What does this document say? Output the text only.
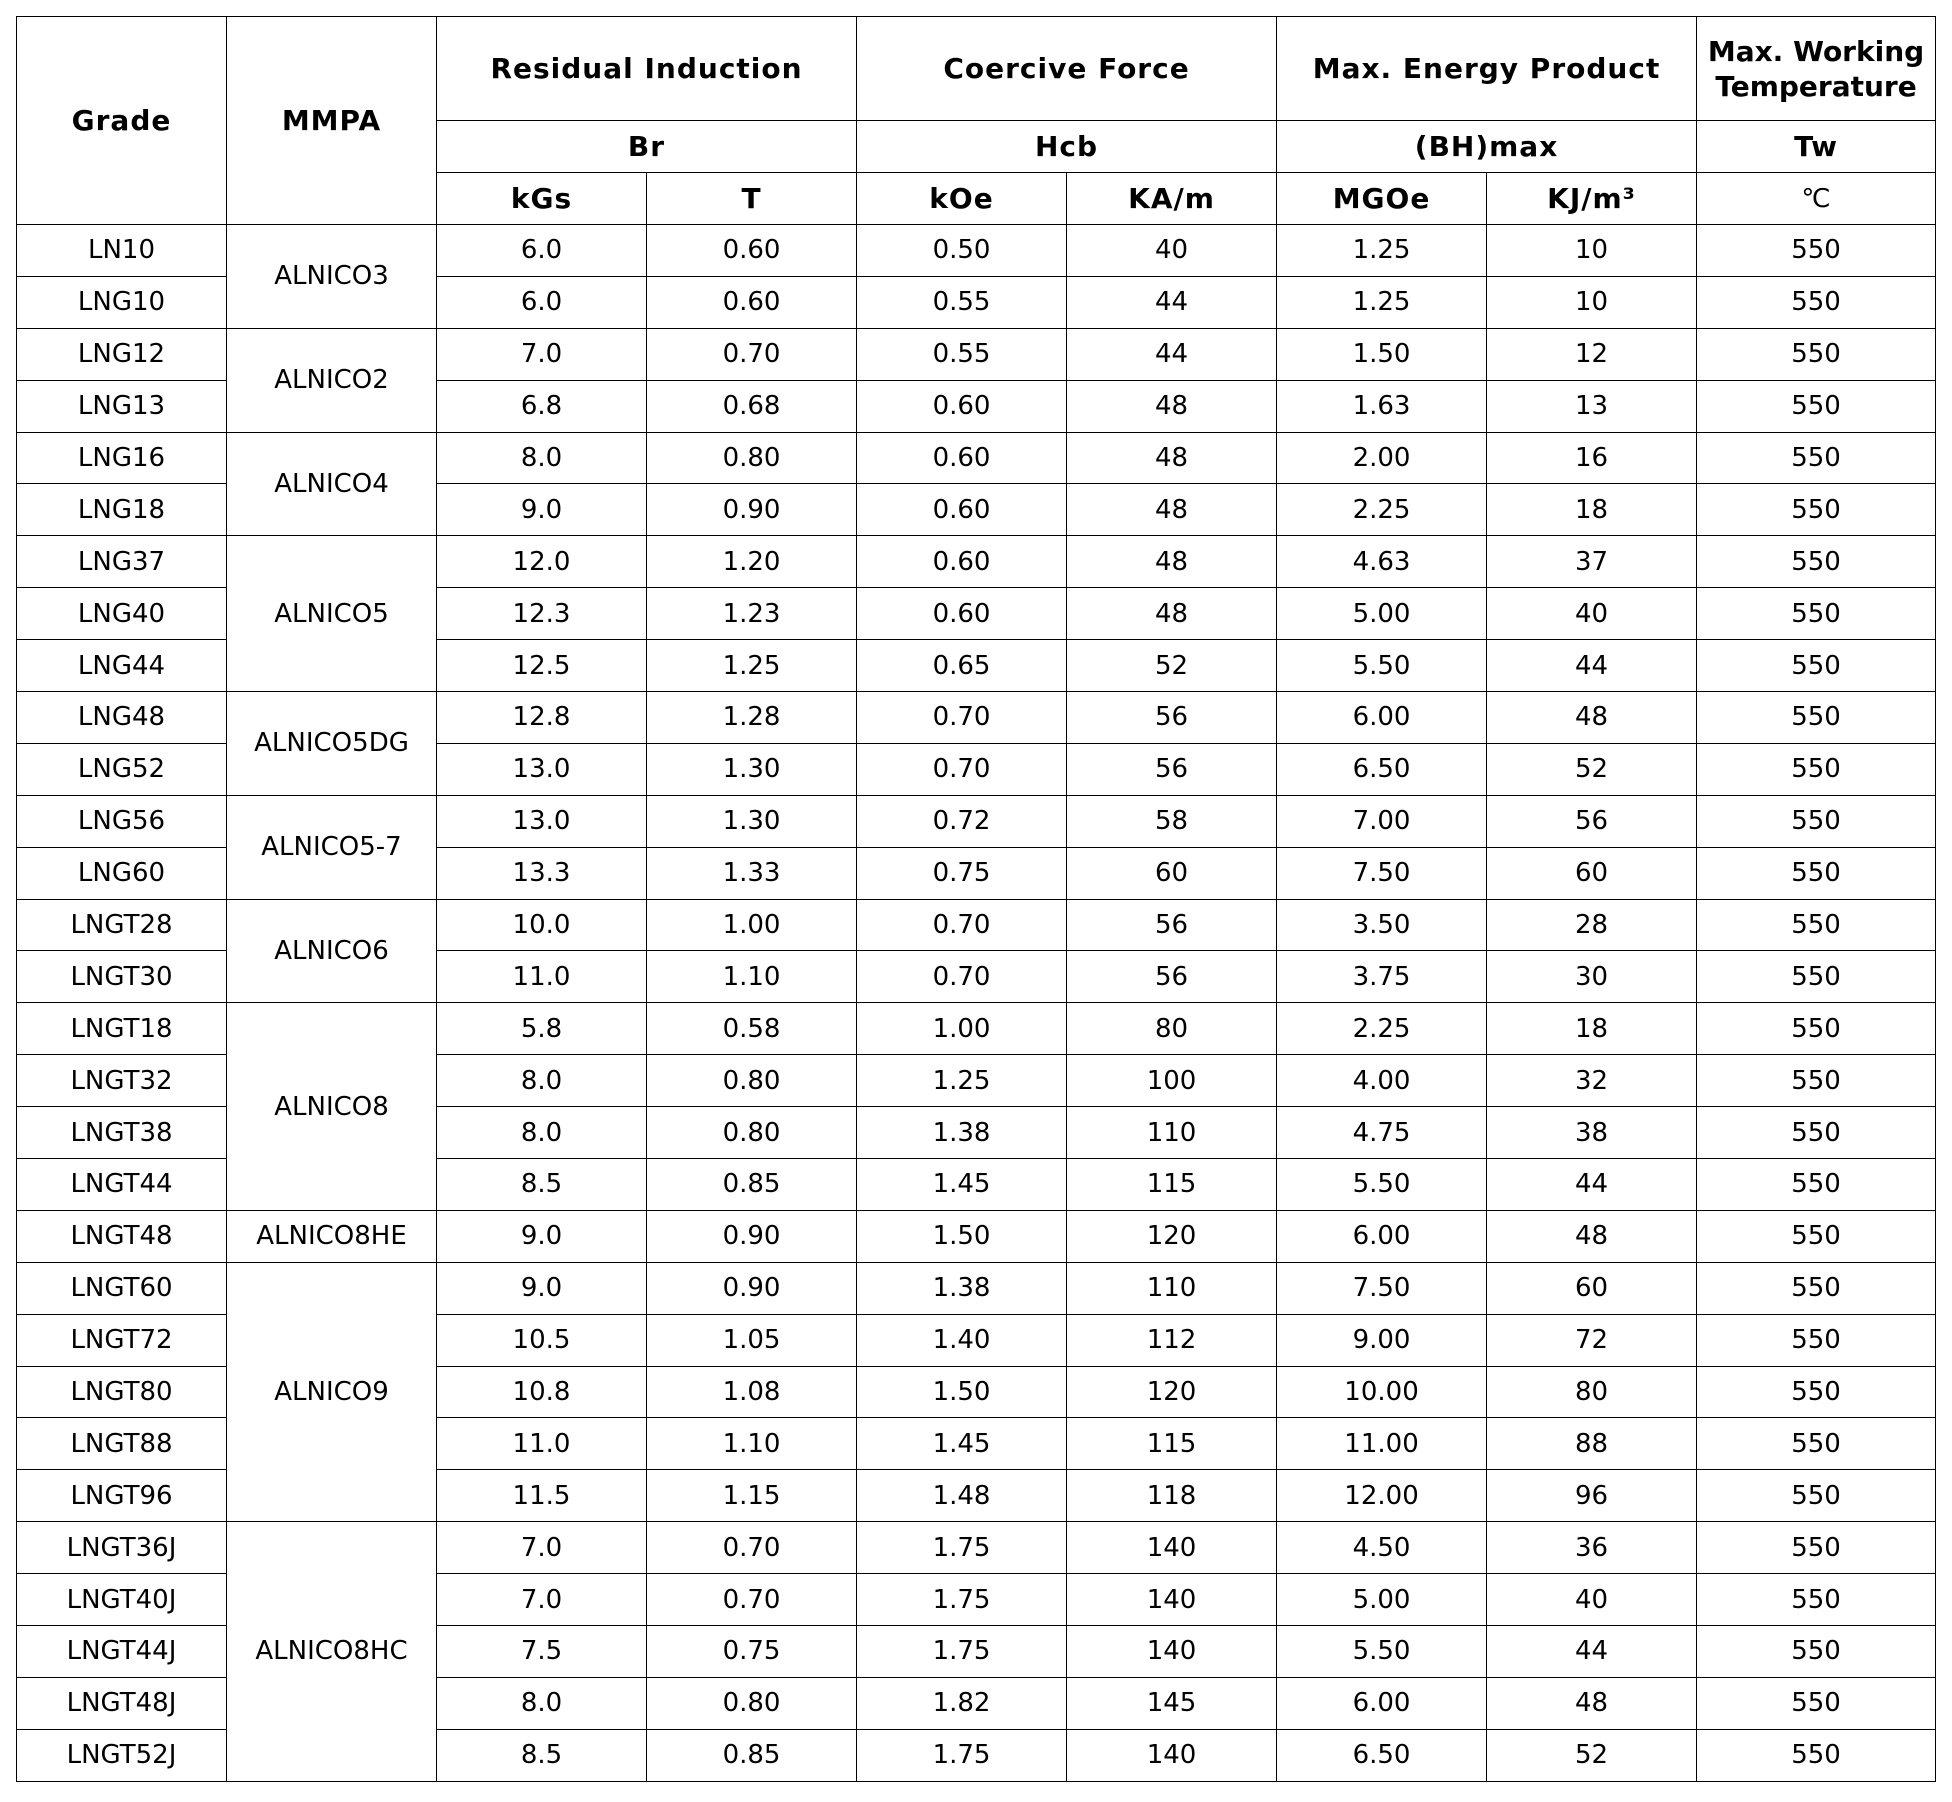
Grade	MMPA	Residual Induction		Coercive Force		Max. Energy Product		Max. Working
Temperature

		Br		Hcb		(BH)max		Tw
		kGs	T	kOe	KA/m	MGOe	KJ/m³	℃
LN10	ALNICO3	6.0	0.60	0.50	40	1.25	10	550
LNG10		6.0	0.60	0.55	44	1.25	10	550
LNG12	ALNICO2	7.0	0.70	0.55	44	1.50	12	550
LNG13		6.8	0.68	0.60	48	1.63	13	550
LNG16	ALNICO4	8.0	0.80	0.60	48	2.00	16	550
LNG18		9.0	0.90	0.60	48	2.25	18	550
LNG37	ALNICO5	12.0	1.20	0.60	48	4.63	37	550
LNG40		12.3	1.23	0.60	48	5.00	40	550
LNG44		12.5	1.25	0.65	52	5.50	44	550
LNG48	ALNICO5DG	12.8	1.28	0.70	56	6.00	48	550
LNG52		13.0	1.30	0.70	56	6.50	52	550
LNG56	ALNICO5-7	13.0	1.30	0.72	58	7.00	56	550
LNG60		13.3	1.33	0.75	60	7.50	60	550
LNGT28	ALNICO6	10.0	1.00	0.70	56	3.50	28	550
LNGT30		11.0	1.10	0.70	56	3.75	30	550
LNGT18	ALNICO8	5.8	0.58	1.00	80	2.25	18	550
LNGT32		8.0	0.80	1.25	100	4.00	32	550
LNGT38		8.0	0.80	1.38	110	4.75	38	550
LNGT44		8.5	0.85	1.45	115	5.50	44	550
LNGT48	ALNICO8HE	9.0	0.90	1.50	120	6.00	48	550
LNGT60	ALNICO9	9.0	0.90	1.38	110	7.50	60	550
LNGT72		10.5	1.05	1.40	112	9.00	72	550
LNGT80		10.8	1.08	1.50	120	10.00	80	550
LNGT88		11.0	1.10	1.45	115	11.00	88	550
LNGT96		11.5	1.15	1.48	118	12.00	96	550
LNGT36J	ALNICO8HC	7.0	0.70	1.75	140	4.50	36	550
LNGT40J		7.0	0.70	1.75	140	5.00	40	550
LNGT44J		7.5	0.75	1.75	140	5.50	44	550
LNGT48J		8.0	0.80	1.82	145	6.00	48	550
LNGT52J		8.5	0.85	1.75	140	6.50	52	550
